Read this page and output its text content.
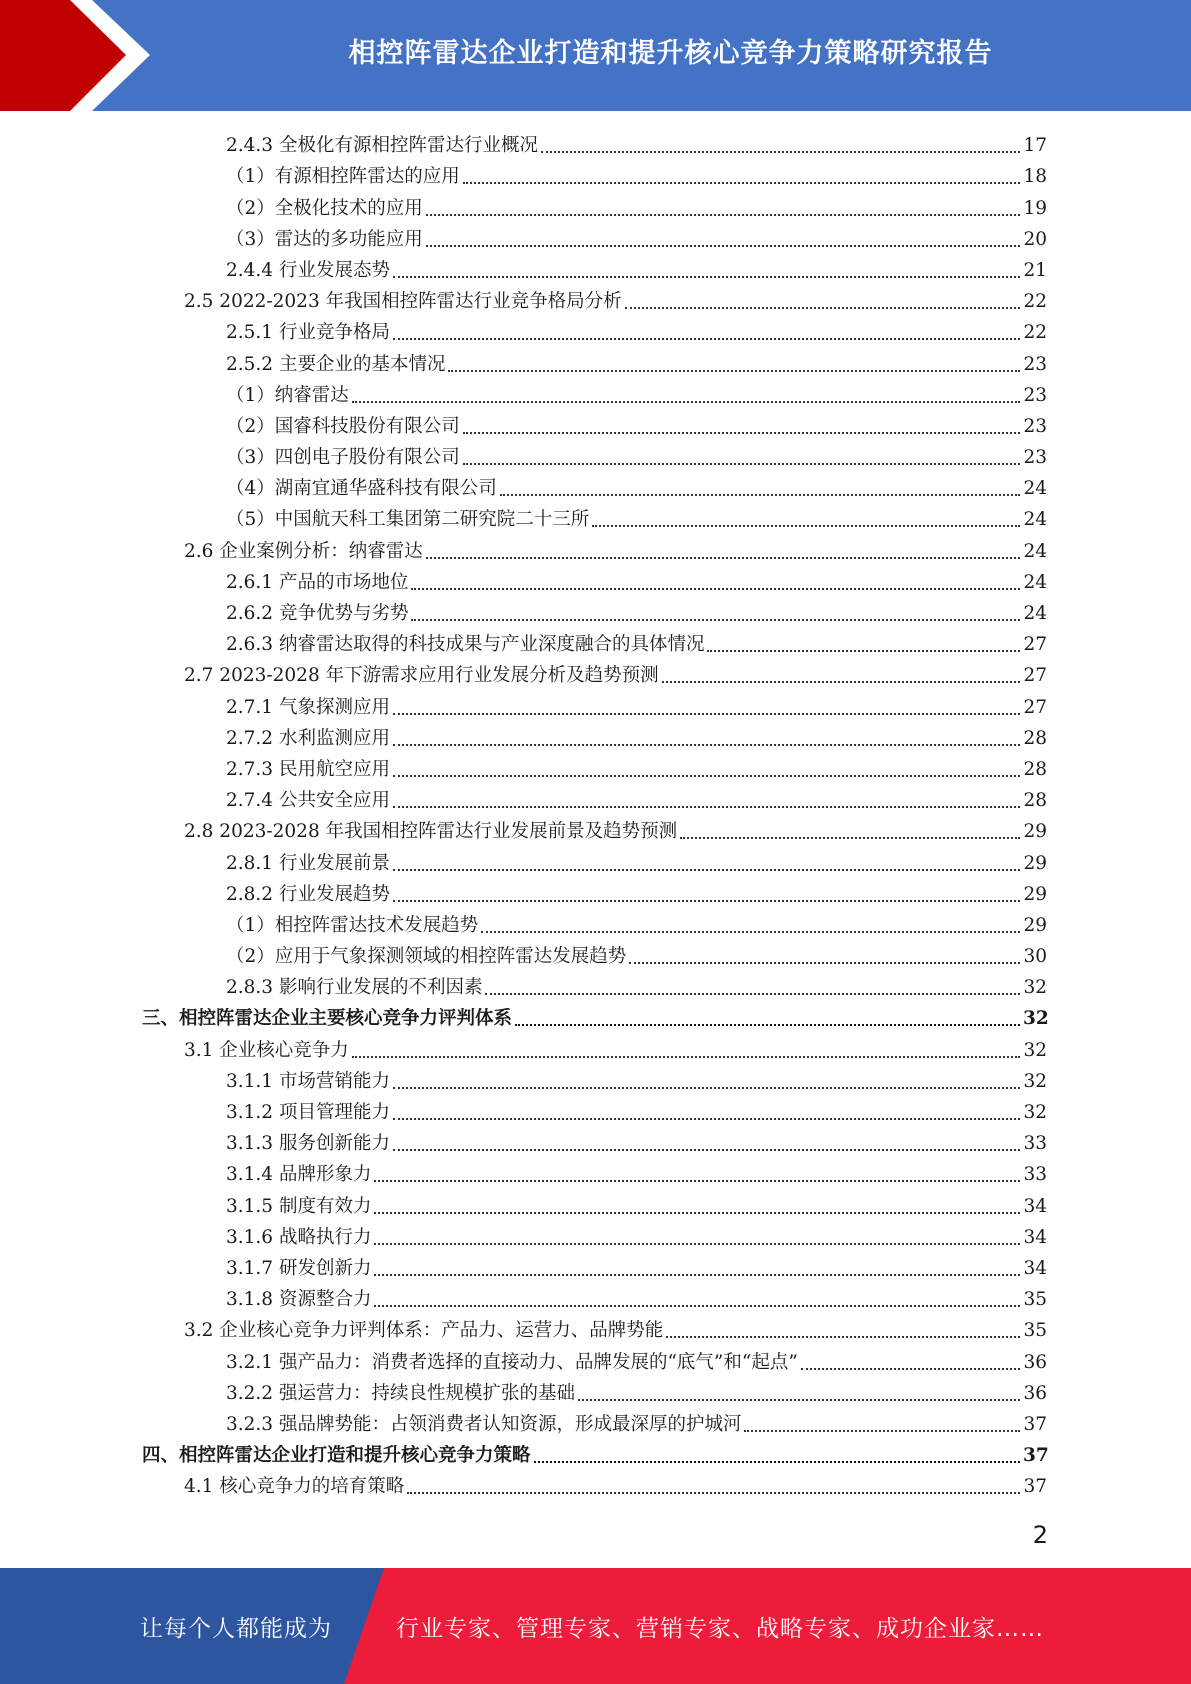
相控阵雷达企业打造和提升核心竞争力策略研究报告
2.4.3 全极化有源相控阵雷达行业概况	17
（1）有源相控阵雷达的应用	18
（2）全极化技术的应用	19
（3）雷达的多功能应用	20
2.4.4 行业发展态势	21
2.5 2022-2023 年我国相控阵雷达行业竞争格局分析	22
2.5.1 行业竞争格局	22
2.5.2 主要企业的基本情况	23
（1）纳睿雷达	23
（2）国睿科技股份有限公司	23
（3）四创电子股份有限公司	23
（4）湖南宜通华盛科技有限公司	24
（5）中国航天科工集团第二研究院二十三所	24
2.6 企业案例分析：纳睿雷达	24
2.6.1 产品的市场地位	24
2.6.2 竞争优势与劣势	24
2.6.3 纳睿雷达取得的科技成果与产业深度融合的具体情况	27
2.7 2023-2028 年下游需求应用行业发展分析及趋势预测	27
2.7.1 气象探测应用	27
2.7.2 水利监测应用	28
2.7.3 民用航空应用	28
2.7.4 公共安全应用	28
2.8 2023-2028 年我国相控阵雷达行业发展前景及趋势预测	29
2.8.1 行业发展前景	29
2.8.2 行业发展趋势	29
（1）相控阵雷达技术发展趋势	29
（2）应用于气象探测领域的相控阵雷达发展趋势	30
2.8.3 影响行业发展的不利因素	32
三、相控阵雷达企业主要核心竞争力评判体系	32
3.1 企业核心竞争力	32
3.1.1 市场营销能力	32
3.1.2 项目管理能力	32
3.1.3 服务创新能力	33
3.1.4 品牌形象力	33
3.1.5 制度有效力	34
3.1.6 战略执行力	34
3.1.7 研发创新力	34
3.1.8 资源整合力	35
3.2 企业核心竞争力评判体系：产品力、运营力、品牌势能	35
3.2.1 强产品力：消费者选择的直接动力、品牌发展的“底气”和“起点”	36
3.2.2 强运营力：持续良性规模扩张的基础	36
3.2.3 强品牌势能：占领消费者认知资源，形成最深厚的护城河	37
四、相控阵雷达企业打造和提升核心竞争力策略	37
4.1 核心竞争力的培育策略	37
2
让每个人都能成为	行业专家、管理专家、营销专家、战略专家、成功企业家……
